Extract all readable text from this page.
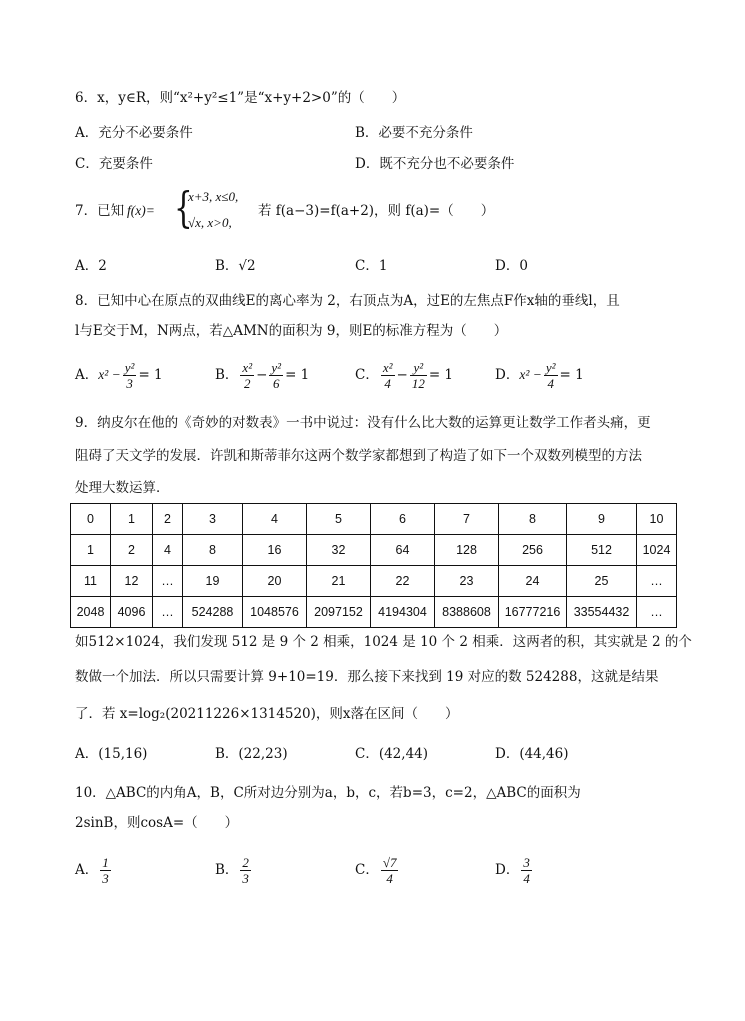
6．x，y∈R，则“x²+y²≤1”是“x+y+2>0”的（　　）
A．充分不必要条件	B．必要不充分条件
C．充要条件	D．既不充分也不必要条件
7．已知 f(x)= {
x+3, x≤0,
√x, x>0,
若 f(a−3)=f(a+2)，则 f(a)=（　　）
A．2	B．√2	C．1	D．0
8．已知中心在原点的双曲线E的离心率为 2，右顶点为A，过E的左焦点F作x轴的垂线l，且
l与E交于M，N两点，若△AMN的面积为 9，则E的标准方程为（　　）
A．$x^2 - \frac{\text{y²}}{3} = 1$	B． $\frac{\text{x²}}{2} - \frac{\text{y²}}{6} = 1$	C． $\frac{\text{x²}}{4} - \frac{\text{y²}}{12} = 1$	D．$x^2 - \frac{\text{y²}}{4} = 1$
9．纳皮尔在他的《奇妙的对数表》一书中说过：没有什么比大数的运算更让数学工作者头痛，更
阻碍了天文学的发展．许凯和斯蒂菲尔这两个数学家都想到了构造了如下一个双数列模型的方法
处理大数运算．
0	1	2	3	4	5	6	7	8	9	10
1	2	4	8	16	32	64	128	256	512	1024
11	12	…	19	20	21	22	23	24	25	…
2048	4096	…	524288	1048576	2097152	4194304	8388608	16777216	33554432	…
如512×1024，我们发现 512 是 9 个 2 相乘，1024 是 10 个 2 相乘．这两者的积，其实就是 2 的个
数做一个加法．所以只需要计算 9+10=19．那么接下来找到 19 对应的数 524288，这就是结果
了．若 x=log₂(20211226×1314520)，则x落在区间（　　）
A．(15,16)	B．(22,23)	C．(42,44)	D．(44,46)
10．△ABC的内角A，B，C所对边分别为a，b，c，若b=3，c=2，△ABC的面积为
2sinB，则cosA=（　　）
A． $\frac{1}{3}$	B． $\frac{2}{3}$	C． $\frac{√7}{4}$	D． $\frac{3}{4}$
